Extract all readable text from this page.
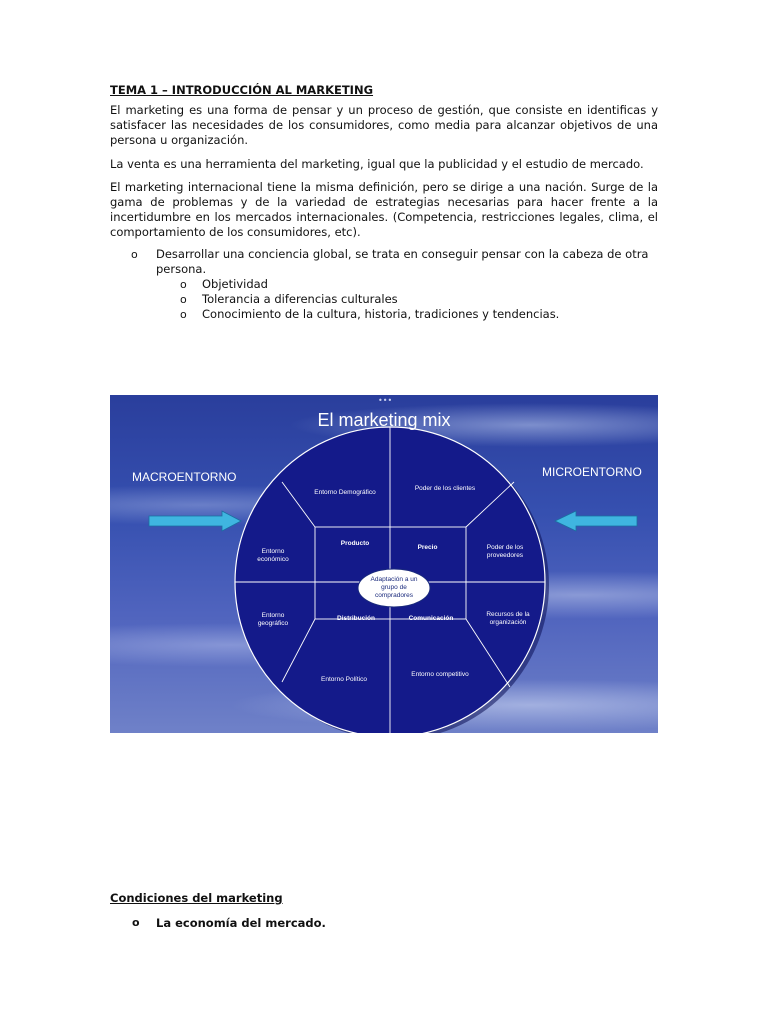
TEMA 1 – INTRODUCCIÓN AL MARKETING

El marketing es una forma de pensar y un proceso de gestión, que consiste en identificas y satisfacer las necesidades de los consumidores, como media para alcanzar objetivos de una persona u organización.

La venta es una herramienta del marketing, igual que la publicidad y el estudio de mercado.

El marketing internacional tiene la misma definición, pero se dirige a una nación. Surge de la gama de problemas y de la variedad de estrategias necesarias para hacer frente a la incertidumbre en los mercados internacionales. (Competencia, restricciones legales, clima, el comportamiento de los consumidores, etc).

o Desarrollar una conciencia global, se trata en conseguir pensar con la cabeza de otra persona.
o Objetividad
o Tolerancia a diferencias culturales
o Conocimiento de la cultura, historia, tradiciones y tendencias.
•••
El marketing mix
MACROENTORNO	MICROENTORNO
Entorno Demográfico
Poder de los clientes
Entorno económico
Poder de los proveedores
Entorno geográfico
Recursos de la organización
Entorno Político
Entorno competitivo
Producto
Precio
Distribución	Comunicación
Adaptación a un grupo de compradores
Condiciones del marketing
o La economía del mercado.
